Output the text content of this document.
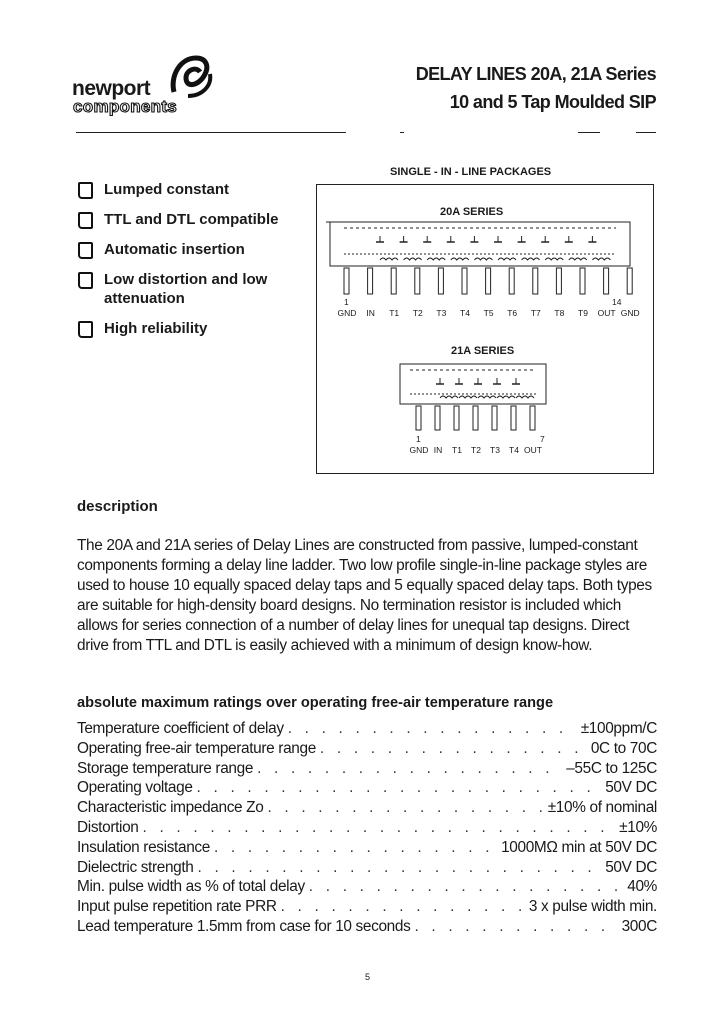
newport
components
DELAY LINES 20A, 21A Series
10 and 5 Tap Moulded SIP
Lumped constant
TTL and DTL compatible
Automatic insertion
Low distortion and low attenuation
High reliability
SINGLE - IN - LINE PACKAGES
20A SERIES
1	14
GND	IN	T1	T2	T3	T4	T5	T6	T7	T8	T9	OUT GND
21A SERIES
1	7
GND IN	T1	T2	T3	T4 OUT
description
The 20A and 21A series of Delay Lines are constructed from passive, lumped-constant components forming a delay line ladder. Two low profile single-in-line package styles are used to house 10 equally spaced delay taps and 5 equally spaced delay taps. Both types are suitable for high-density board designs. No termination resistor is included which allows for series connection of a number of delay lines for unequal tap designs. Direct drive from TTL and DTL is easily achieved with a minimum of design know-how.
absolute maximum ratings over operating free-air temperature range
Temperature coefficient of delay . . .	±100ppm/C
Operating free-air temperature range . . .	0C to 70C
Storage temperature range . . .	–55C to 125C
Operating voltage . . .	50V DC
Characteristic impedance Zo . . .	±10% of nominal
Distortion . . .	±10%
Insulation resistance . . .	1000MΩ min at 50V DC
Dielectric strength . . .	50V DC
Min. pulse width as % of total delay . . .	40%
Input pulse repetition rate PRR . . .	3 x pulse width min.
Lead temperature 1.5mm from case for 10 seconds . . .	300C
5
